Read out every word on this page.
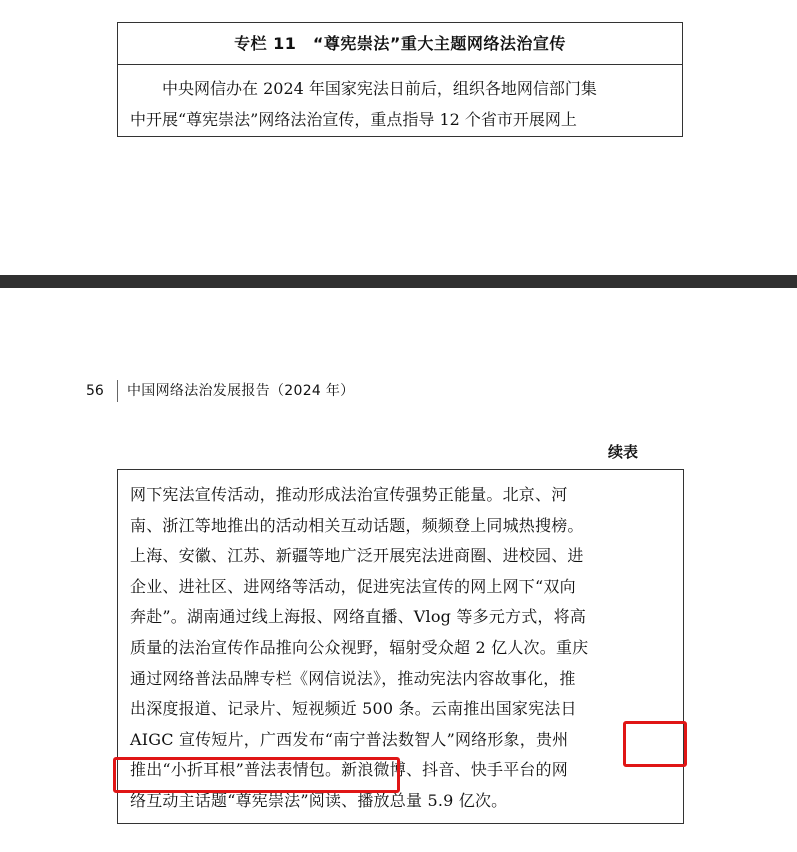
专栏 11　“尊宪崇法”重大主题网络法治宣传
　　中央网信办在 2024 年国家宪法日前后，组织各地网信部门集
中开展“尊宪崇法”网络法治宣传，重点指导 12 个省市开展网上
56 中国网络法治发展报告（2024 年）
续表
网下宪法宣传活动，推动形成法治宣传强势正能量。北京、河
南、浙江等地推出的活动相关互动话题，频频登上同城热搜榜。
上海、安徽、江苏、新疆等地广泛开展宪法进商圈、进校园、进
企业、进社区、进网络等活动，促进宪法宣传的网上网下“双向
奔赴”。湖南通过线上海报、网络直播、Vlog 等多元方式，将高
质量的法治宣传作品推向公众视野，辐射受众超 2 亿人次。重庆
通过网络普法品牌专栏《网信说法》，推动宪法内容故事化，推
出深度报道、记录片、短视频近 500 条。云南推出国家宪法日
AIGC 宣传短片，广西发布“南宁普法数智人”网络形象，贵州
推出“小折耳根”普法表情包。新浪微博、抖音、快手平台的网
络互动主话题“尊宪崇法”阅读、播放总量 5.9 亿次。
